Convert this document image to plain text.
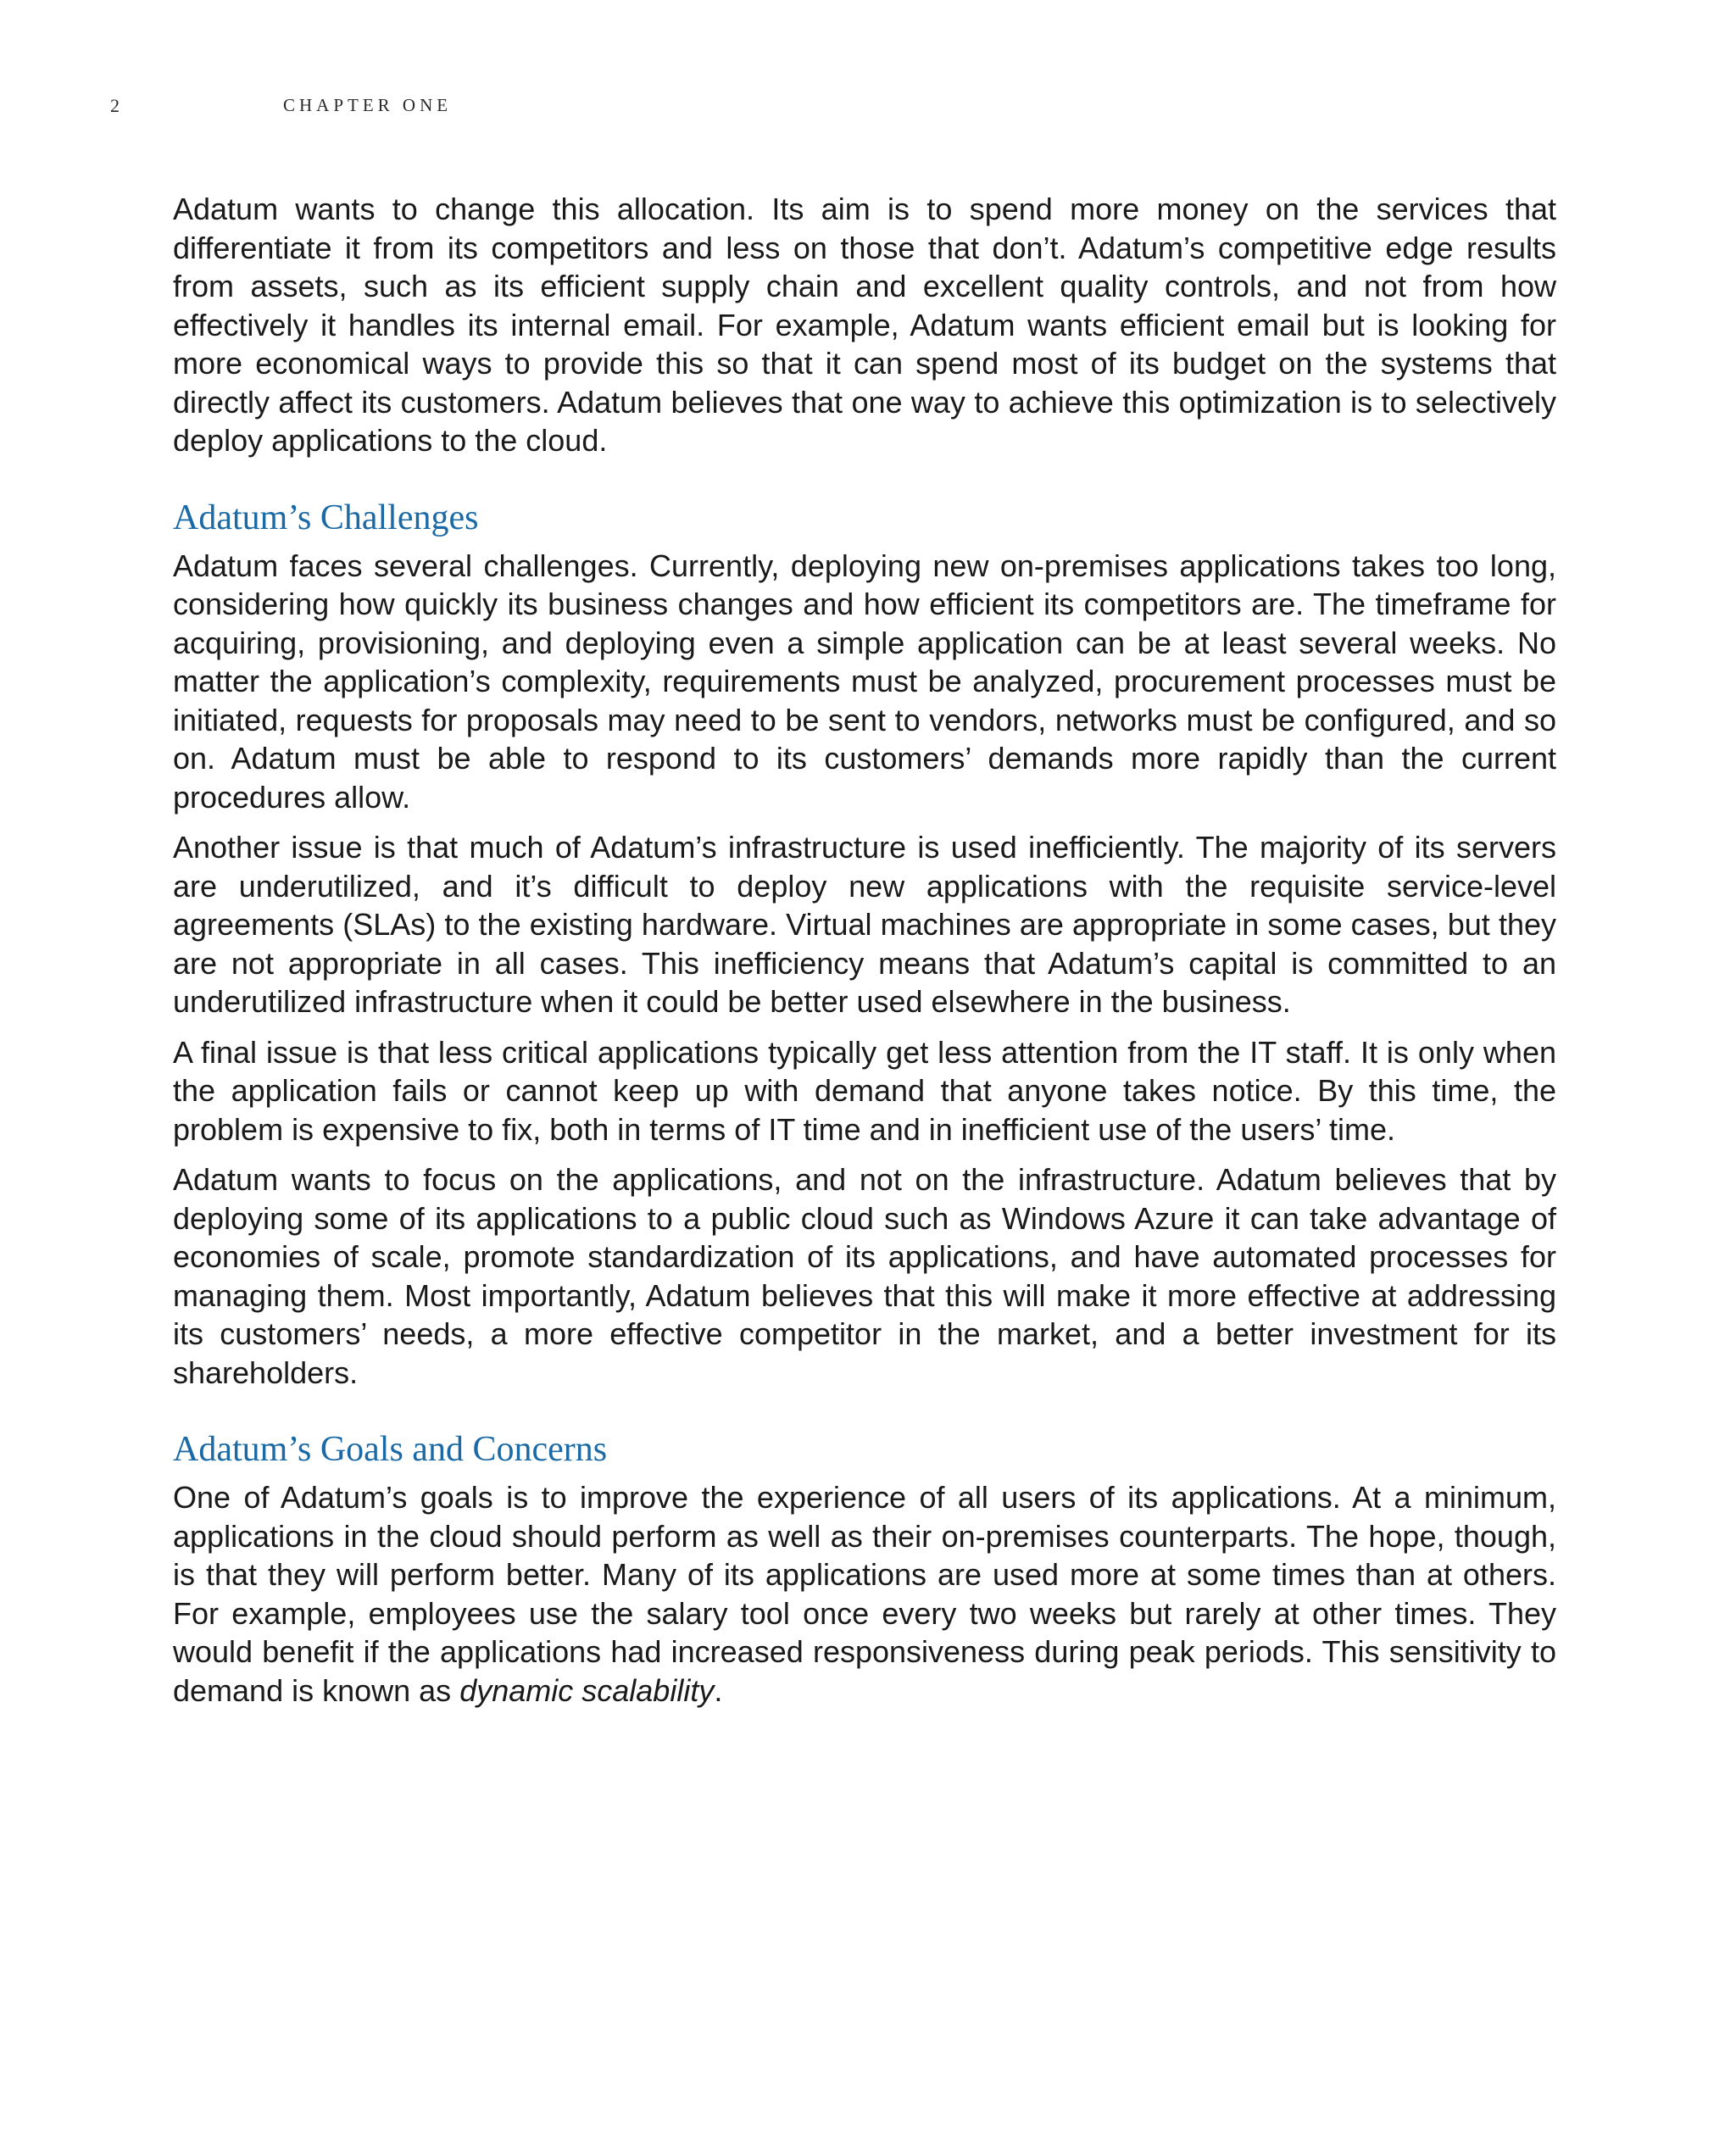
2	CHAPTER ONE

Adatum wants to change this allocation. Its aim is to spend more money on the services that differentiate it from its competitors and less on those that don’t. Adatum’s competitive edge results from assets, such as its efficient supply chain and excellent quality controls, and not from how effectively it handles its internal email. For example, Adatum wants efficient email but is looking for more economical ways to provide this so that it can spend most of its budget on the systems that directly affect its customers. Adatum believes that one way to achieve this optimization is to selectively deploy applications to the cloud.

Adatum’s Challenges

Adatum faces several challenges. Currently, deploying new on-premises applications takes too long, considering how quickly its business changes and how efficient its competitors are. The timeframe for acquiring, provisioning, and deploying even a simple application can be at least several weeks. No matter the application’s complexity, requirements must be analyzed, procurement processes must be initiated, requests for proposals may need to be sent to vendors, networks must be configured, and so on. Adatum must be able to respond to its customers’ demands more rapidly than the current procedures allow.

Another issue is that much of Adatum’s infrastructure is used inefficiently. The majority of its servers are underutilized, and it’s difficult to deploy new applications with the requisite service-level agreements (SLAs) to the existing hardware. Virtual machines are appropriate in some cases, but they are not appropriate in all cases. This inefficiency means that Adatum’s capital is committed to an underutilized infrastructure when it could be better used elsewhere in the business.

A final issue is that less critical applications typically get less attention from the IT staff. It is only when the application fails or cannot keep up with demand that anyone takes notice. By this time, the problem is expensive to fix, both in terms of IT time and in inefficient use of the users’ time.

Adatum wants to focus on the applications, and not on the infrastructure. Adatum believes that by deploying some of its applications to a public cloud such as Windows Azure it can take advantage of economies of scale, promote standardization of its applications, and have automated processes for managing them. Most importantly, Adatum believes that this will make it more effective at addressing its customers’ needs, a more effective competitor in the market, and a better investment for its shareholders.

Adatum’s Goals and Concerns

One of Adatum’s goals is to improve the experience of all users of its applications. At a minimum, applications in the cloud should perform as well as their on-premises counterparts. The hope, though, is that they will perform better. Many of its applications are used more at some times than at others. For example, employees use the salary tool once every two weeks but rarely at other times. They would benefit if the applications had increased responsiveness during peak periods. This sensitivity to demand is known as dynamic scalability.
